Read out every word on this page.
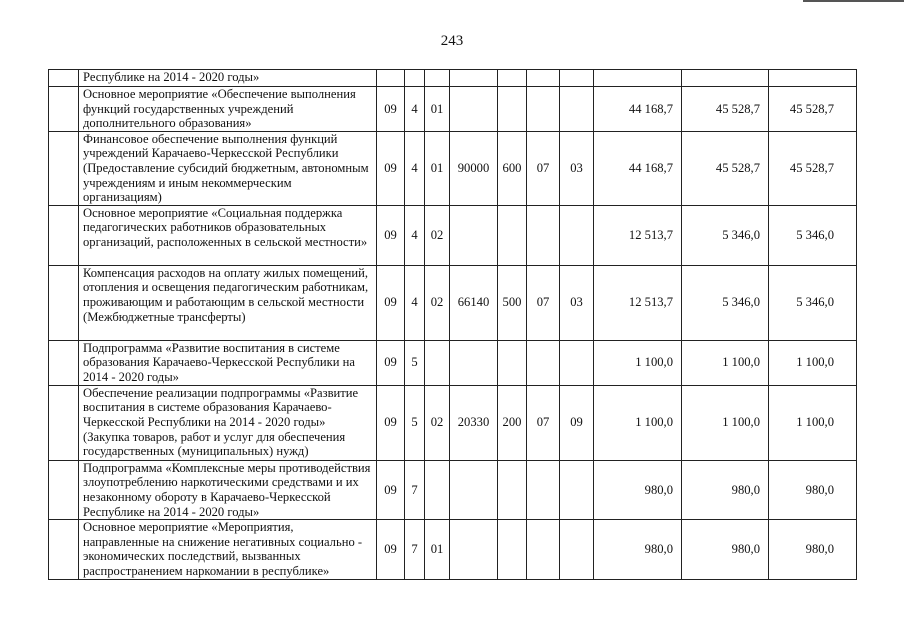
243
	Республике на 2014 - 2020 годы»										
	Основное мероприятие «Обеспечение выполнения функций государственных учреждений дополнительного образования»	09	4	01					44 168,7	45 528,7	45 528,7
	Финансовое обеспечение выполнения функций учреждений Карачаево-Черкесской Республики (Предоставление субсидий бюджетным, автономным учреждениям и иным некоммерческим организациям)	09	4	01	90000	600	07	03	44 168,7	45 528,7	45 528,7
	Основное мероприятие «Социальная поддержка педагогических работников образовательных организаций, расположенных в сельской местности»	09	4	02					12 513,7	5 346,0	5 346,0
	Компенсация расходов на оплату жилых помещений, отопления и освещения педагогическим работникам, проживающим и работающим в сельской местности (Межбюджетные трансферты)	09	4	02	66140	500	07	03	12 513,7	5 346,0	5 346,0
	Подпрограмма «Развитие воспитания в системе образования Карачаево-Черкесской Республики на 2014 - 2020 годы»	09	5						1 100,0	1 100,0	1 100,0
	Обеспечение реализации подпрограммы «Развитие воспитания в системе образования Карачаево-Черкесской Республики на 2014 - 2020 годы» (Закупка товаров, работ и услуг для обеспечения государственных (муниципальных) нужд)	09	5	02	20330	200	07	09	1 100,0	1 100,0	1 100,0
	Подпрограмма «Комплексные меры противодействия злоупотреблению наркотическими средствами и их незаконному обороту в Карачаево-Черкесской Республике на 2014 - 2020 годы»	09	7						980,0	980,0	980,0
	Основное мероприятие «Мероприятия, направленные на снижение негативных социально - экономических последствий, вызванных распространением наркомании в республике»	09	7	01					980,0	980,0	980,0
